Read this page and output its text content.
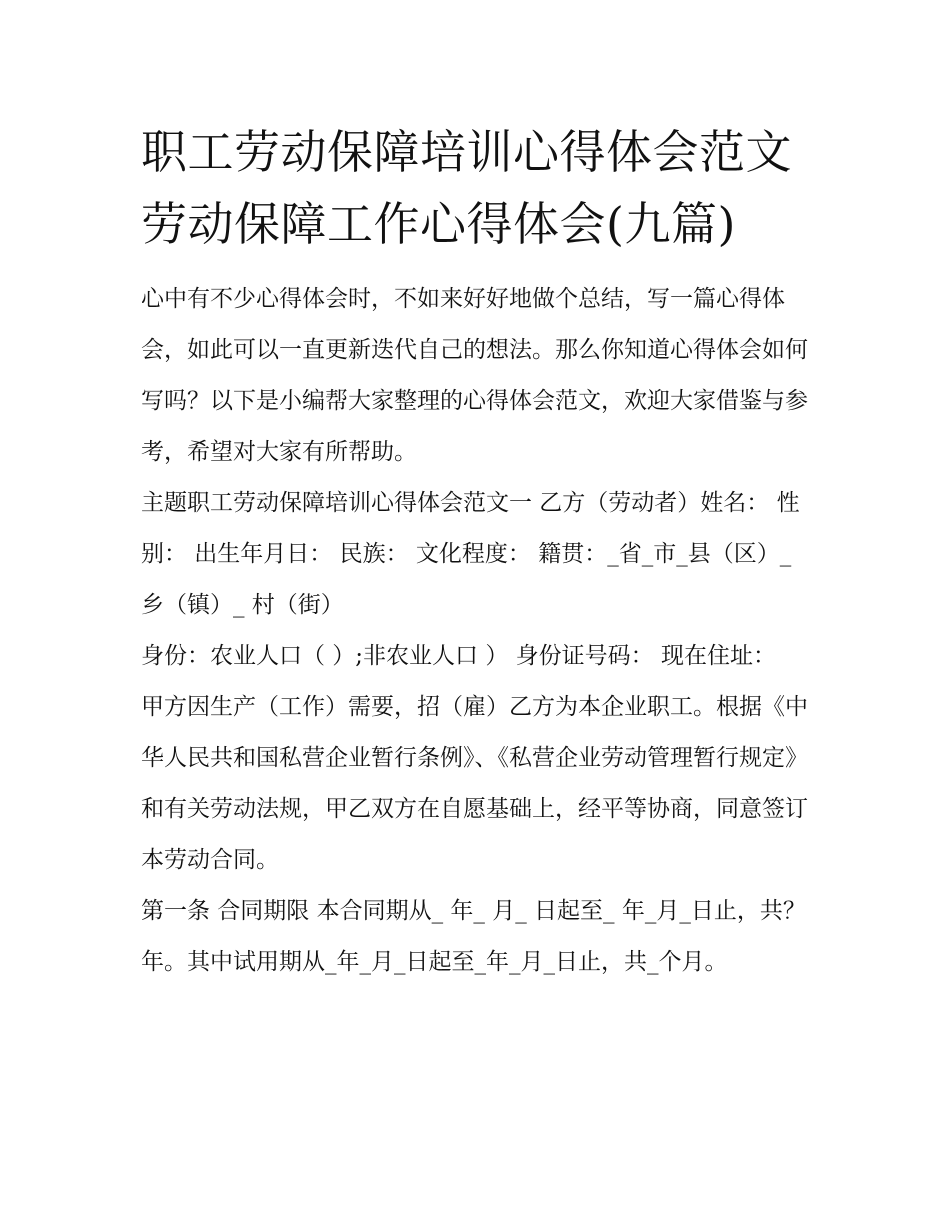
职工劳动保障培训心得体会范文 劳动保障工作心得体会(九篇)

心中有不少心得体会时，不如来好好地做个总结，写一篇心得体会，如此可以一直更新迭代自己的想法。那么你知道心得体会如何写吗？以下是小编帮大家整理的心得体会范文，欢迎大家借鉴与参考，希望对大家有所帮助。

主题职工劳动保障培训心得体会范文一 乙方（劳动者）姓名： 性别： 出生年月日： 民族： 文化程度： 籍贯：_省_市_县（区）_乡（镇）_ 村（街）

身份：农业人口（ ）;非农业人口 ） 身份证号码： 现在住址：

甲方因生产（工作）需要，招（雇）乙方为本企业职工。根据《中华人民共和国私营企业暂行条例》、《私营企业劳动管理暂行规定》和有关劳动法规，甲乙双方在自愿基础上，经平等协商，同意签订本劳动合同。

第一条 合同期限 本合同期从_ 年_ 月_ 日起至_ 年_月_日止，共？ 年。其中试用期从_年_月_日起至_年_月_日止，共_个月。
